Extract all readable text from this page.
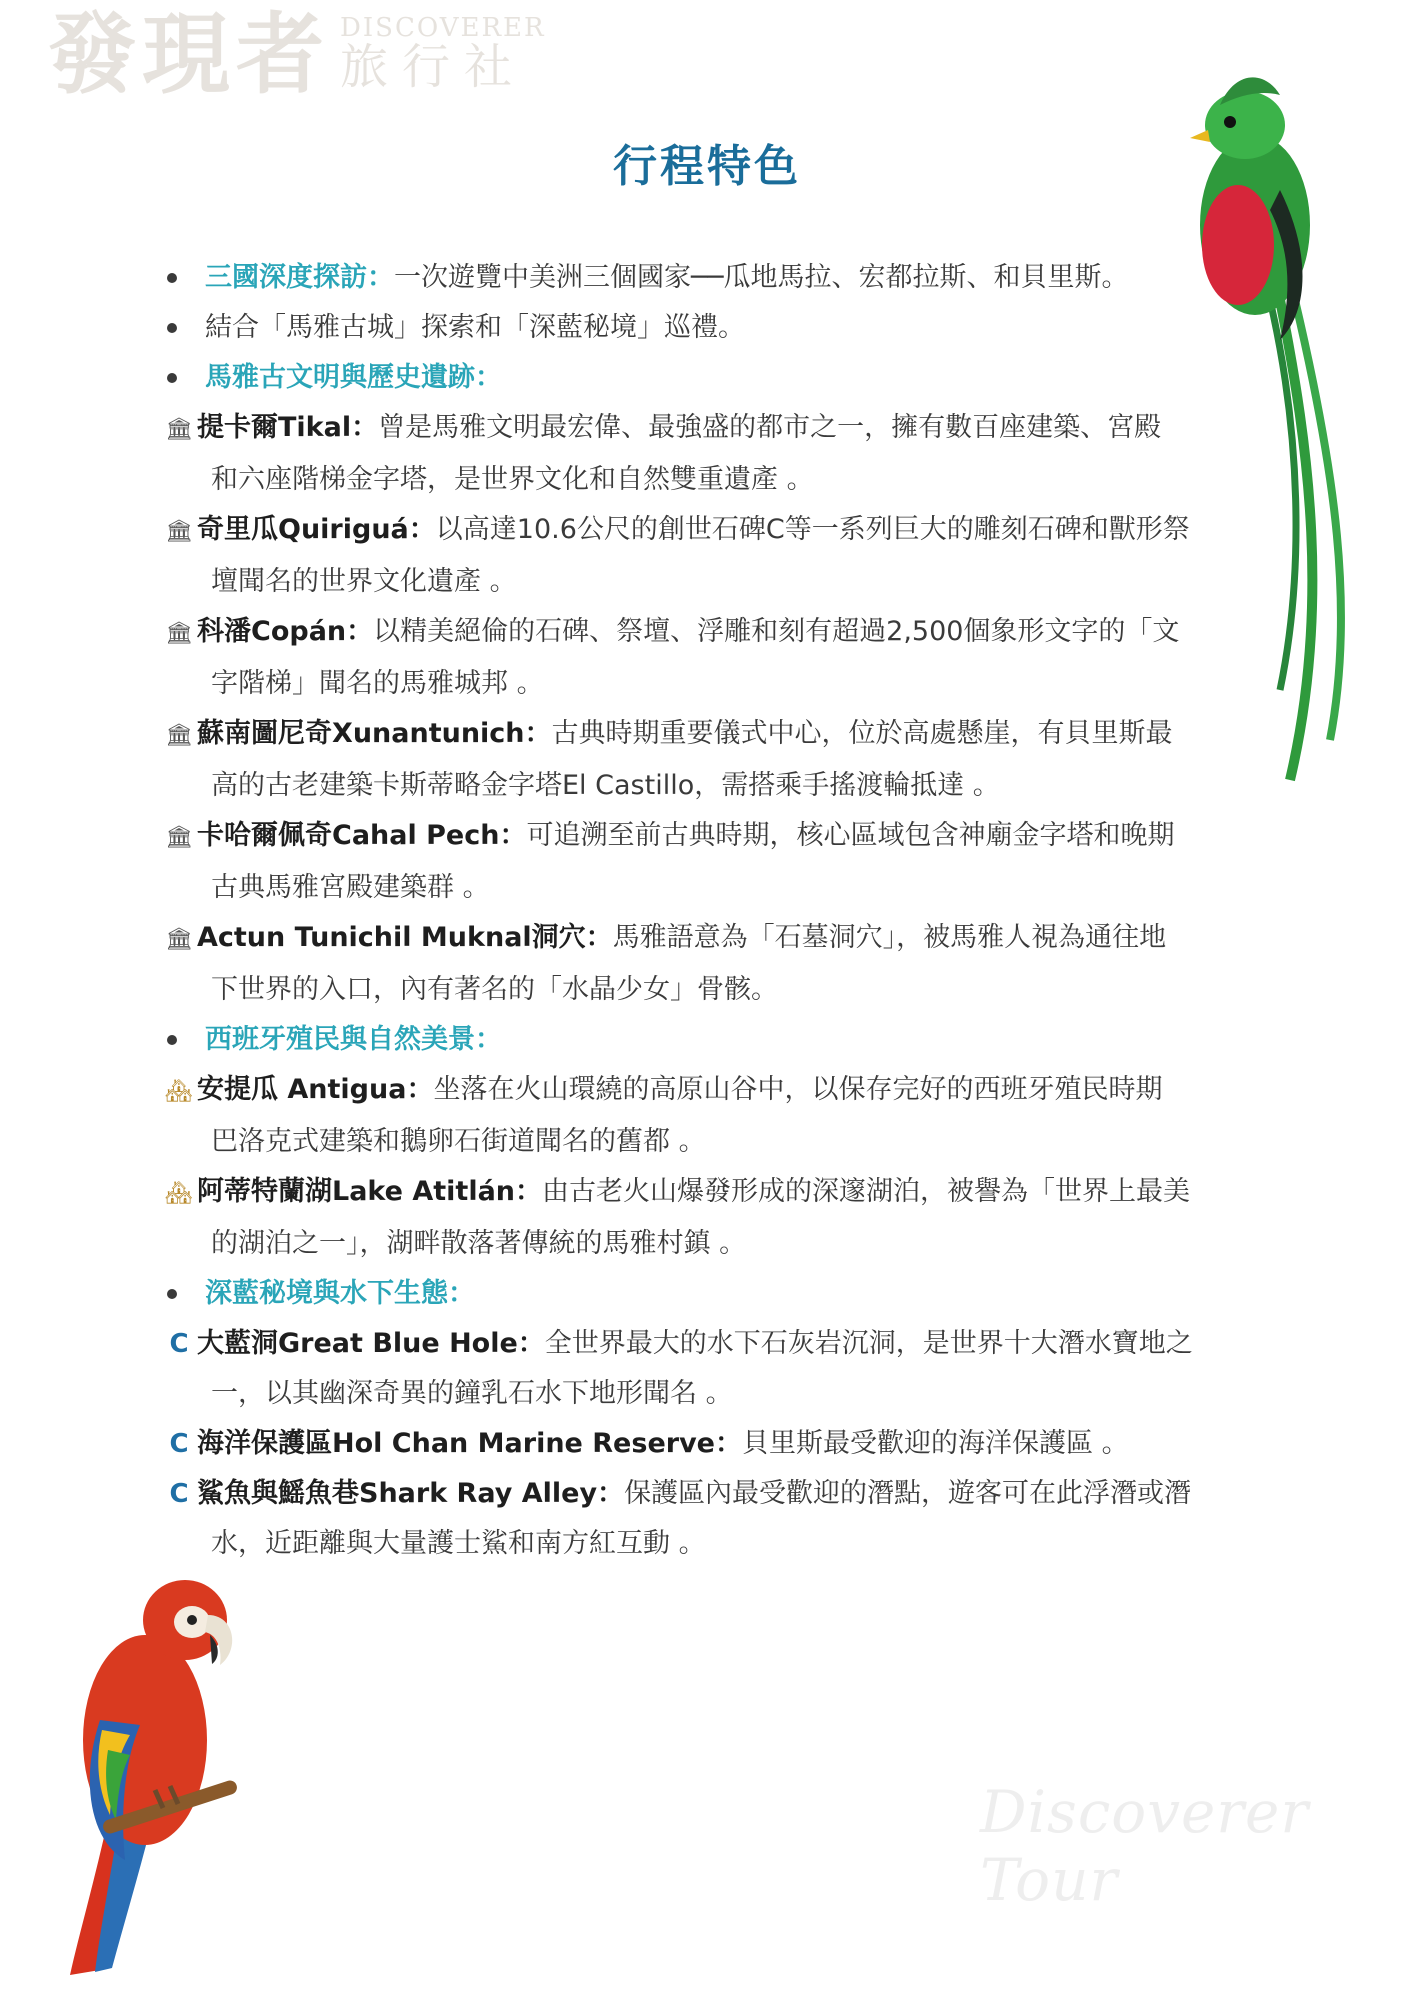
發現者 DISCOVERER
旅行社
行程特色
三國深度探訪：一次遊覽中美洲三個國家──瓜地馬拉、宏都拉斯、和貝里斯。
結合「馬雅古城」探索和「深藍秘境」巡禮。
馬雅古文明與歷史遺跡：
🏛 提卡爾Tikal：曾是馬雅文明最宏偉、最強盛的都市之一，擁有數百座建築、宮殿
和六座階梯金字塔，是世界文化和自然雙重遺產 。
🏛 奇里瓜Quiriguá：以高達10.6公尺的創世石碑C等一系列巨大的雕刻石碑和獸形祭
壇聞名的世界文化遺產 。
🏛 科潘Copán：以精美絕倫的石碑、祭壇、浮雕和刻有超過2,500個象形文字的「文
字階梯」聞名的馬雅城邦 。
🏛 蘇南圖尼奇Xunantunich：古典時期重要儀式中心，位於高處懸崖，有貝里斯最
高的古老建築卡斯蒂略金字塔El Castillo，需搭乘手搖渡輪抵達 。
🏛 卡哈爾佩奇Cahal Pech：可追溯至前古典時期，核心區域包含神廟金字塔和晚期
古典馬雅宮殿建築群 。
🏛 Actun Tunichil Muknal洞穴：馬雅語意為「石墓洞穴」，被馬雅人視為通往地
下世界的入口，內有著名的「水晶少女」骨骸。
西班牙殖民與自然美景：
🏘 安提瓜 Antigua：坐落在火山環繞的高原山谷中，以保存完好的西班牙殖民時期
巴洛克式建築和鵝卵石街道聞名的舊都 。
🏘 阿蒂特蘭湖Lake Atitlán：由古老火山爆發形成的深邃湖泊，被譽為「世界上最美
的湖泊之一」，湖畔散落著傳統的馬雅村鎮 。
深藍秘境與水下生態：
C 大藍洞Great Blue Hole：全世界最大的水下石灰岩沉洞，是世界十大潛水寶地之
一，以其幽深奇異的鐘乳石水下地形聞名 。
C 海洋保護區Hol Chan Marine Reserve：貝里斯最受歡迎的海洋保護區 。
C 鯊魚與鰩魚巷Shark Ray Alley：保護區內最受歡迎的潛點，遊客可在此浮潛或潛
水，近距離與大量護士鯊和南方紅互動 。
Discoverer Tour
